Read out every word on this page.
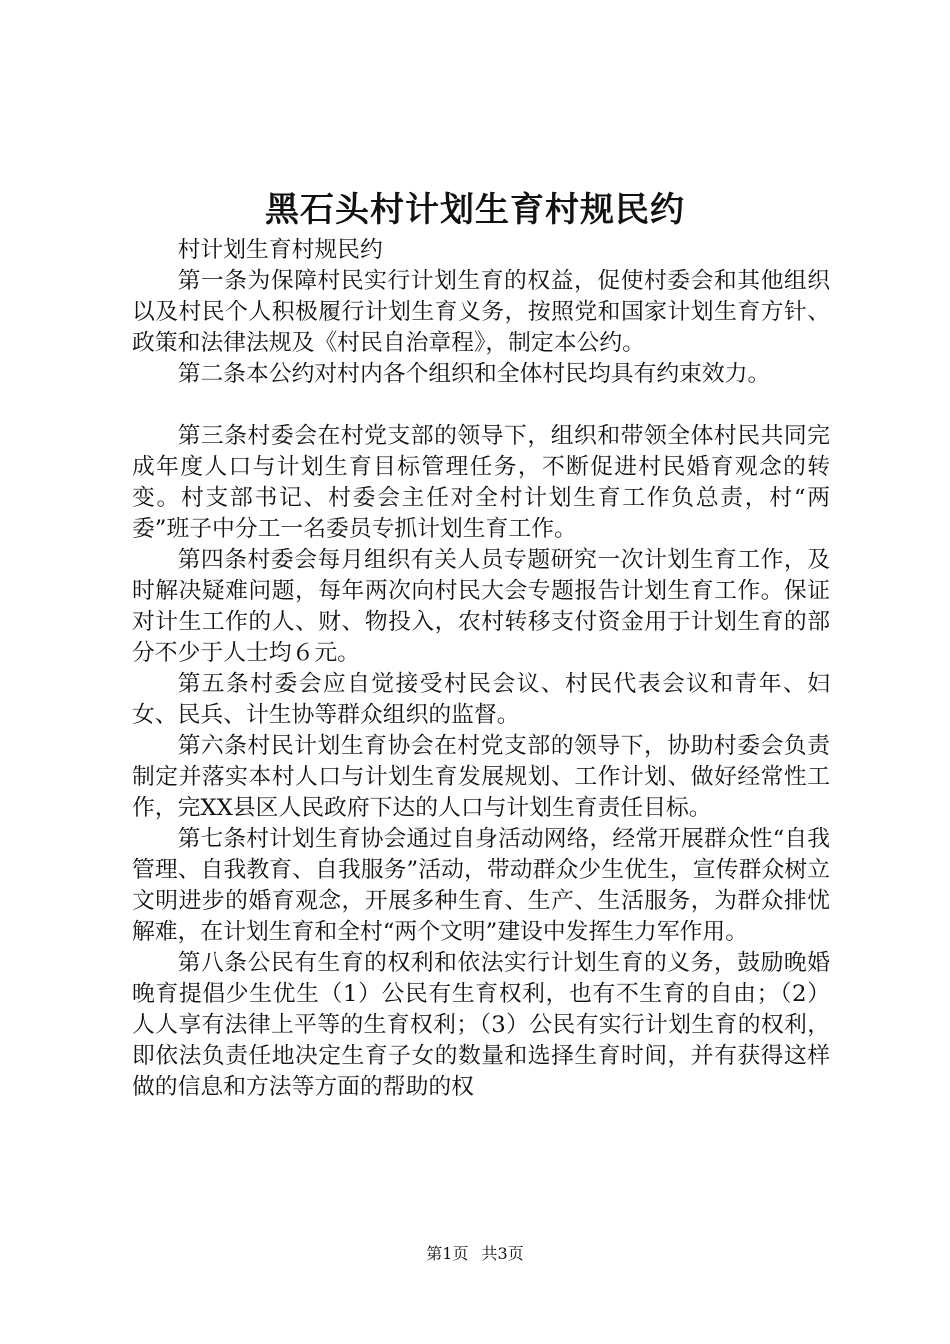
黑石头村计划生育村规民约

村计划生育村规民约

第一条为保障村民实行计划生育的权益，促使村委会和其他组织以及村民个人积极履行计划生育义务，按照党和国家计划生育方针、政策和法律法规及《村民自治章程》，制定本公约。

第二条本公约对村内各个组织和全体村民均具有约束效力。

第三条村委会在村党支部的领导下，组织和带领全体村民共同完成年度人口与计划生育目标管理任务，不断促进村民婚育观念的转变。村支部书记、村委会主任对全村计划生育工作负总责，村“两委”班子中分工一名委员专抓计划生育工作。

第四条村委会每月组织有关人员专题研究一次计划生育工作，及时解决疑难问题，每年两次向村民大会专题报告计划生育工作。保证对计生工作的人、财、物投入，农村转移支付资金用于计划生育的部分不少于人士均６元。

第五条村委会应自觉接受村民会议、村民代表会议和青年、妇女、民兵、计生协等群众组织的监督。

第六条村民计划生育协会在村党支部的领导下，协助村委会负责制定并落实本村人口与计划生育发展规划、工作计划、做好经常性工作，完XX县区人民政府下达的人口与计划生育责任目标。

第七条村计划生育协会通过自身活动网络，经常开展群众性“自我管理、自我教育、自我服务”活动，带动群众少生优生，宣传群众树立文明进步的婚育观念，开展多种生育、生产、生活服务，为群众排忧解难，在计划生育和全村“两个文明”建设中发挥生力军作用。

第八条公民有生育的权利和依法实行计划生育的义务，鼓励晚婚晚育提倡少生优生（1）公民有生育权利，也有不生育的自由；（2）人人享有法律上平等的生育权利；（3）公民有实行计划生育的权利，即依法负责任地决定生育子女的数量和选择生育时间，并有获得这样做的信息和方法等方面的帮助的权

第1页 共3页
